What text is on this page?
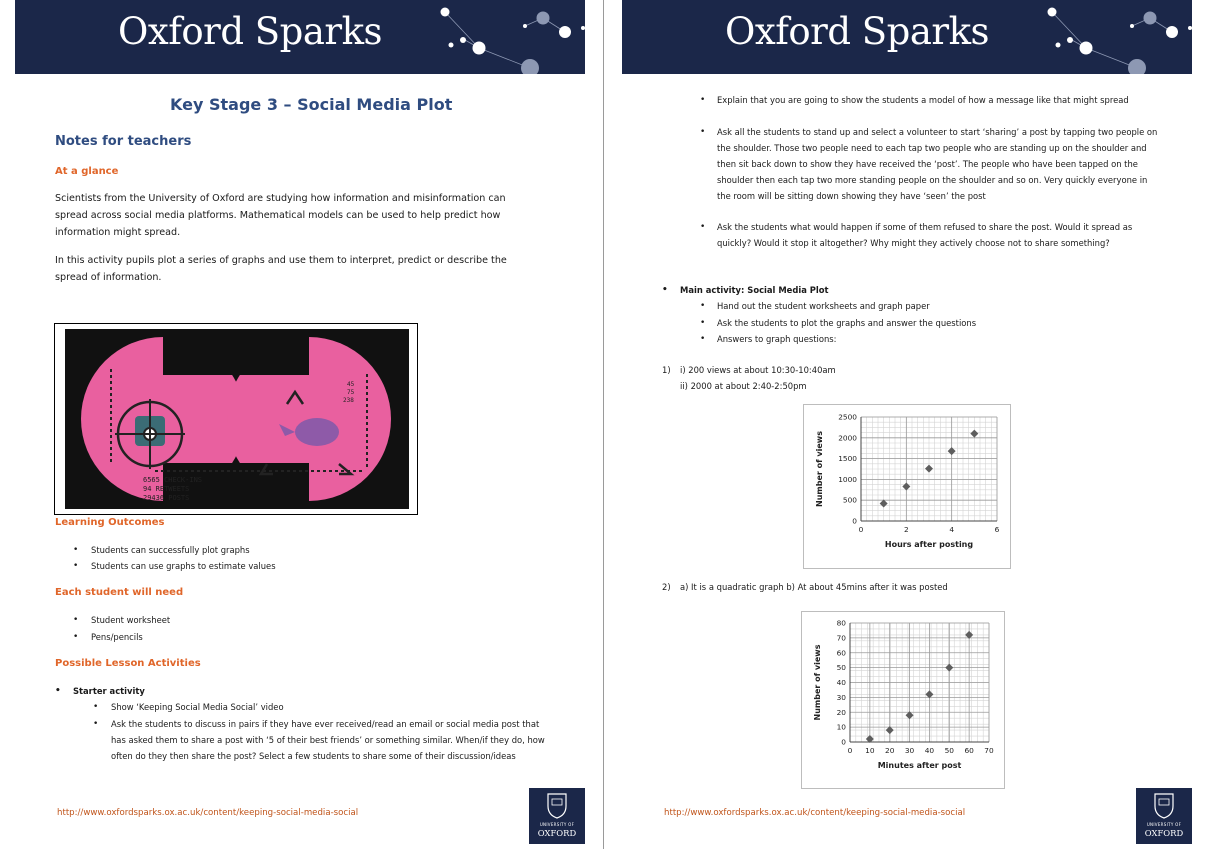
Oxford Sparks
Key Stage 3 – Social Media Plot
Notes for teachers
At a glance
Scientists from the University of Oxford are studying how information and misinformation can spread across social media platforms. Mathematical models can be used to help predict how information might spread.
In this activity pupils plot a series of graphs and use them to interpret, predict or describe the spread of information.
6565 CHECK-INS
94 RETWEETS
29436 POSTS
45
75
238
Learning Outcomes
• Students can successfully plot graphs
• Students can use graphs to estimate values
Each student will need
• Student worksheet
• Pens/pencils
Possible Lesson Activities
• Starter activity
• Show ‘Keeping Social Media Social’ video
• Ask the students to discuss in pairs if they have ever received/read an email or social media post that has asked them to share a post with ‘5 of their best friends’ or something similar. When/if they do, how often do they then share the post? Select a few students to share some of their discussion/ideas
http://www.oxfordsparks.ox.ac.uk/content/keeping-social-media-social
UNIVERSITY OF
OXFORD
Oxford Sparks
• Explain that you are going to show the students a model of how a message like that might spread
• Ask all the students to stand up and select a volunteer to start ‘sharing’ a post by tapping two people on the shoulder. Those two people need to each tap two people who are standing up on the shoulder and then sit back down to show they have received the ‘post’. The people who have been tapped on the shoulder then each tap two more standing people on the shoulder and so on. Very quickly everyone in the room will be sitting down showing they have ‘seen’ the post
• Ask the students what would happen if some of them refused to share the post. Would it spread as quickly? Would it stop it altogether? Why might they actively choose not to share something?
• Main activity: Social Media Plot
• Hand out the student worksheets and graph paper
• Ask the students to plot the graphs and answer the questions
• Answers to graph questions:
1) i) 200 views at about 10:30-10:40am
ii) 2000 at about 2:40-2:50pm
0	2	4	6
0
500
1000
1500
2000
2500
Hours after posting
Number of views
2) a) It is a quadratic graph b) At about 45mins after it was posted
0 10 20 30 40 50 60 70
0
10
20
30
40
50
60
70
80
Minutes after post
Number of views
http://www.oxfordsparks.ox.ac.uk/content/keeping-social-media-social
UNIVERSITY OF
OXFORD
